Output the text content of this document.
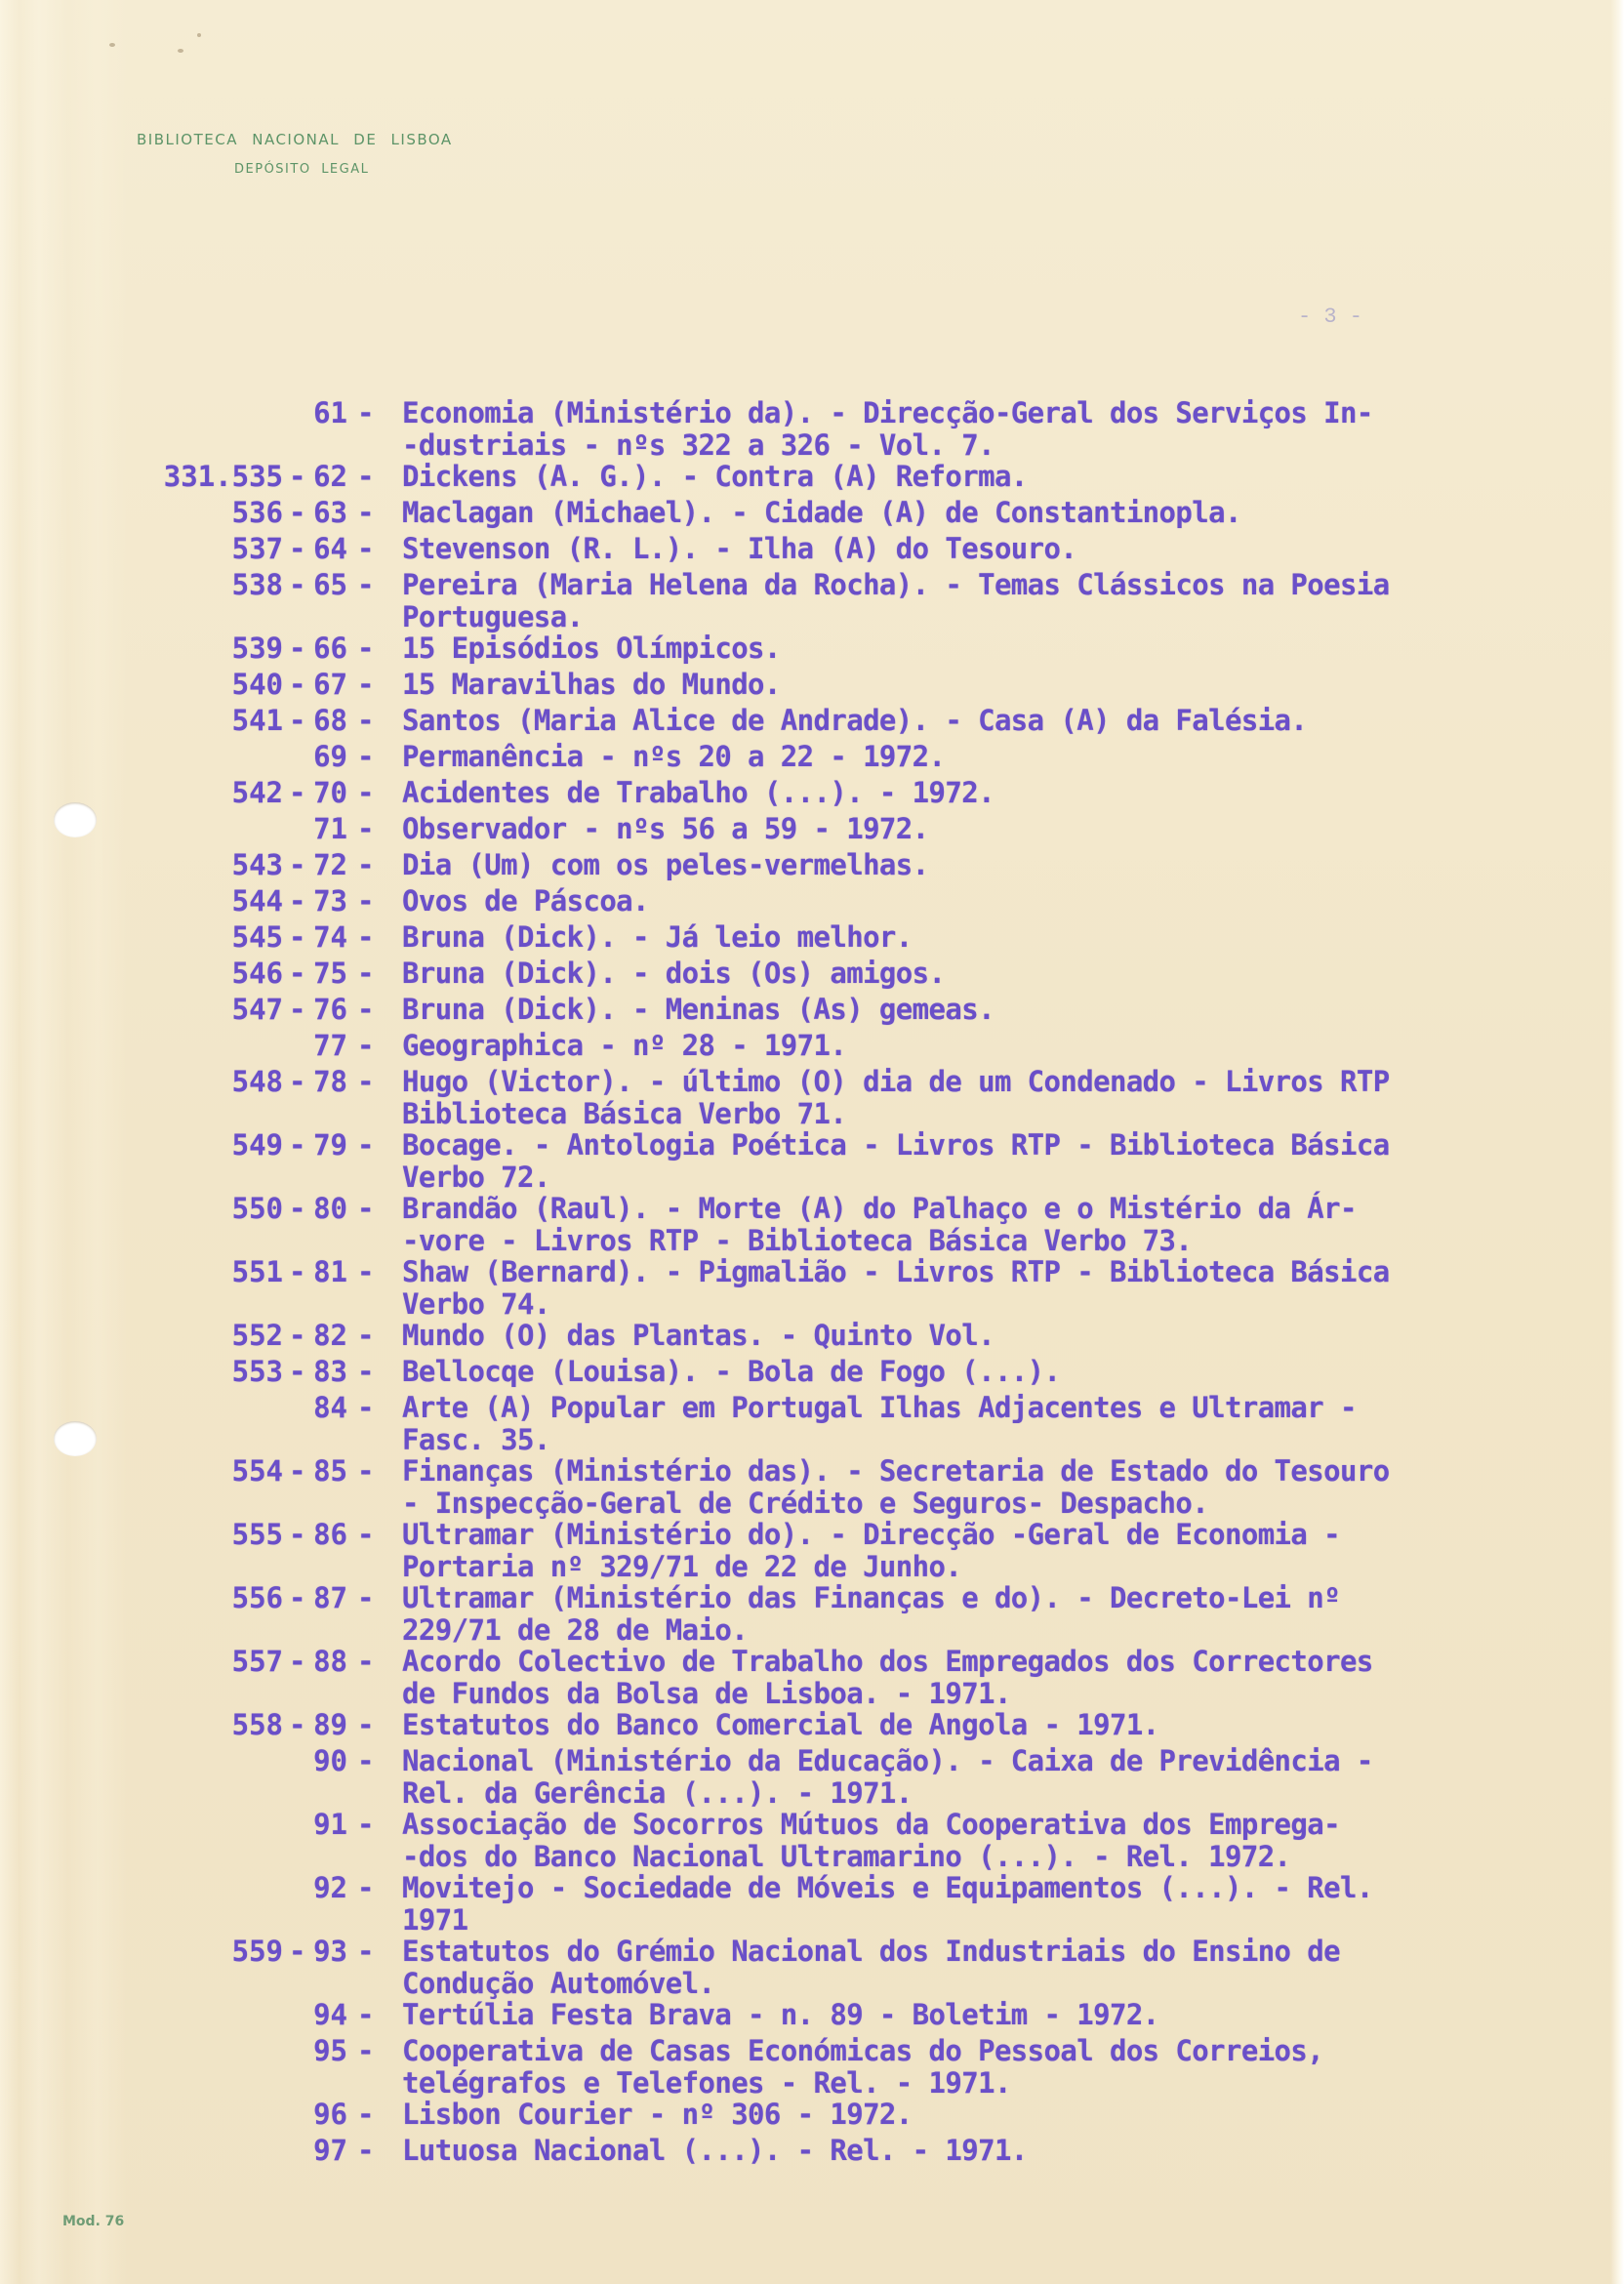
BIBLIOTECA NACIONAL DE LISBOA
DEPÓSITO LEGAL
- 3 -
61 - Economia (Ministério da). - Direcção-Geral dos Serviços In-
-dustriais - nºs 322 a 326 - Vol. 7.
331.535 - 62 - Dickens (A. G.). - Contra (A) Reforma.
536 - 63 - Maclagan (Michael). - Cidade (A) de Constantinopla.
537 - 64 - Stevenson (R. L.). - Ilha (A) do Tesouro.
538 - 65 - Pereira (Maria Helena da Rocha). - Temas Clássicos na Poesia
Portuguesa.
539 - 66 - 15 Episódios Olímpicos.
540 - 67 - 15 Maravilhas do Mundo.
541 - 68 - Santos (Maria Alice de Andrade). - Casa (A) da Falésia.
69 - Permanência - nºs 20 a 22 - 1972.
542 - 70 - Acidentes de Trabalho (...). - 1972.
71 - Observador - nºs 56 a 59 - 1972.
543 - 72 - Dia (Um) com os peles-vermelhas.
544 - 73 - Ovos de Páscoa.
545 - 74 - Bruna (Dick). - Já leio melhor.
546 - 75 - Bruna (Dick). - dois (Os) amigos.
547 - 76 - Bruna (Dick). - Meninas (As) gemeas.
77 - Geographica - nº 28 - 1971.
548 - 78 - Hugo (Victor). - último (O) dia de um Condenado - Livros RTP
Biblioteca Básica Verbo 71.
549 - 79 - Bocage. - Antologia Poética - Livros RTP - Biblioteca Básica
Verbo 72.
550 - 80 - Brandão (Raul). - Morte (A) do Palhaço e o Mistério da Ár-
-vore - Livros RTP - Biblioteca Básica Verbo 73.
551 - 81 - Shaw (Bernard). - Pigmalião - Livros RTP - Biblioteca Básica
Verbo 74.
552 - 82 - Mundo (O) das Plantas. - Quinto Vol.
553 - 83 - Bellocqe (Louisa). - Bola de Fogo (...).
84 - Arte (A) Popular em Portugal Ilhas Adjacentes e Ultramar -
Fasc. 35.
554 - 85 - Finanças (Ministério das). - Secretaria de Estado do Tesouro
- Inspecção-Geral de Crédito e Seguros- Despacho.
555 - 86 - Ultramar (Ministério do). - Direcção -Geral de Economia -
Portaria nº 329/71 de 22 de Junho.
556 - 87 - Ultramar (Ministério das Finanças e do). - Decreto-Lei nº
229/71 de 28 de Maio.
557 - 88 - Acordo Colectivo de Trabalho dos Empregados dos Correctores
de Fundos da Bolsa de Lisboa. - 1971.
558 - 89 - Estatutos do Banco Comercial de Angola - 1971.
90 - Nacional (Ministério da Educação). - Caixa de Previdência -
Rel. da Gerência (...). - 1971.
91 - Associação de Socorros Mútuos da Cooperativa dos Emprega-
-dos do Banco Nacional Ultramarino (...). - Rel. 1972.
92 - Movitejo - Sociedade de Móveis e Equipamentos (...). - Rel.
1971
559 - 93 - Estatutos do Grémio Nacional dos Industriais do Ensino de
Condução Automóvel.
94 - Tertúlia Festa Brava - n. 89 - Boletim - 1972.
95 - Cooperativa de Casas Económicas do Pessoal dos Correios,
telégrafos e Telefones - Rel. - 1971.
96 - Lisbon Courier - nº 306 - 1972.
97 - Lutuosa Nacional (...). - Rel. - 1971.
Mod. 76
